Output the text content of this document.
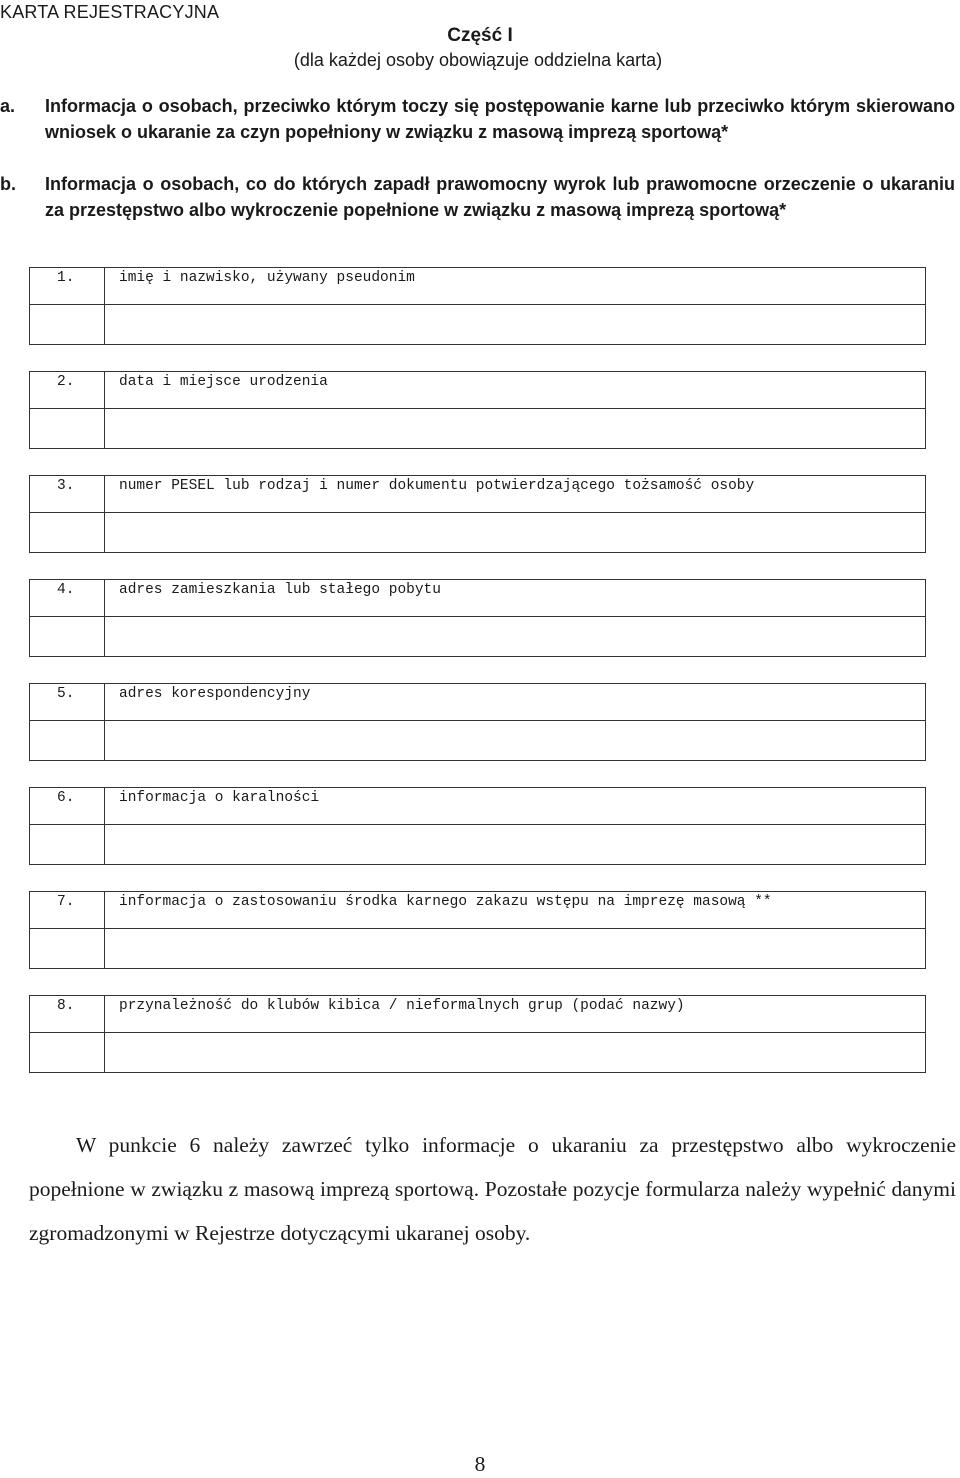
KARTA REJESTRACYJNA
Część I
(dla każdej osoby obowiązuje oddzielna karta)
a. Informacja o osobach, przeciwko którym toczy się postępowanie karne lub przeciwko którym skierowano wniosek o ukaranie za czyn popełniony w związku z masową imprezą sportową*
b. Informacja o osobach, co do których zapadł prawomocny wyrok lub prawomocne orzeczenie o ukaraniu za przestępstwo albo wykroczenie popełnione w związku z masową imprezą sportową*
1.	imię i nazwisko, używany pseudonim
2.	data i miejsce urodzenia
3.	numer PESEL lub rodzaj i numer dokumentu potwierdzającego tożsamość osoby
4.	adres zamieszkania lub stałego pobytu
5.	adres korespondencyjny
6.	informacja o karalności
7.	informacja o zastosowaniu środka karnego zakazu wstępu na imprezę masową **
8.	przynależność do klubów kibica / nieformalnych grup (podać nazwy)
W punkcie 6 należy zawrzeć tylko informacje o ukaraniu za przestępstwo albo wykroczenie popełnione w związku z masową imprezą sportową. Pozostałe pozycje formularza należy wypełnić danymi zgromadzonymi w Rejestrze dotyczącymi ukaranej osoby.
8
